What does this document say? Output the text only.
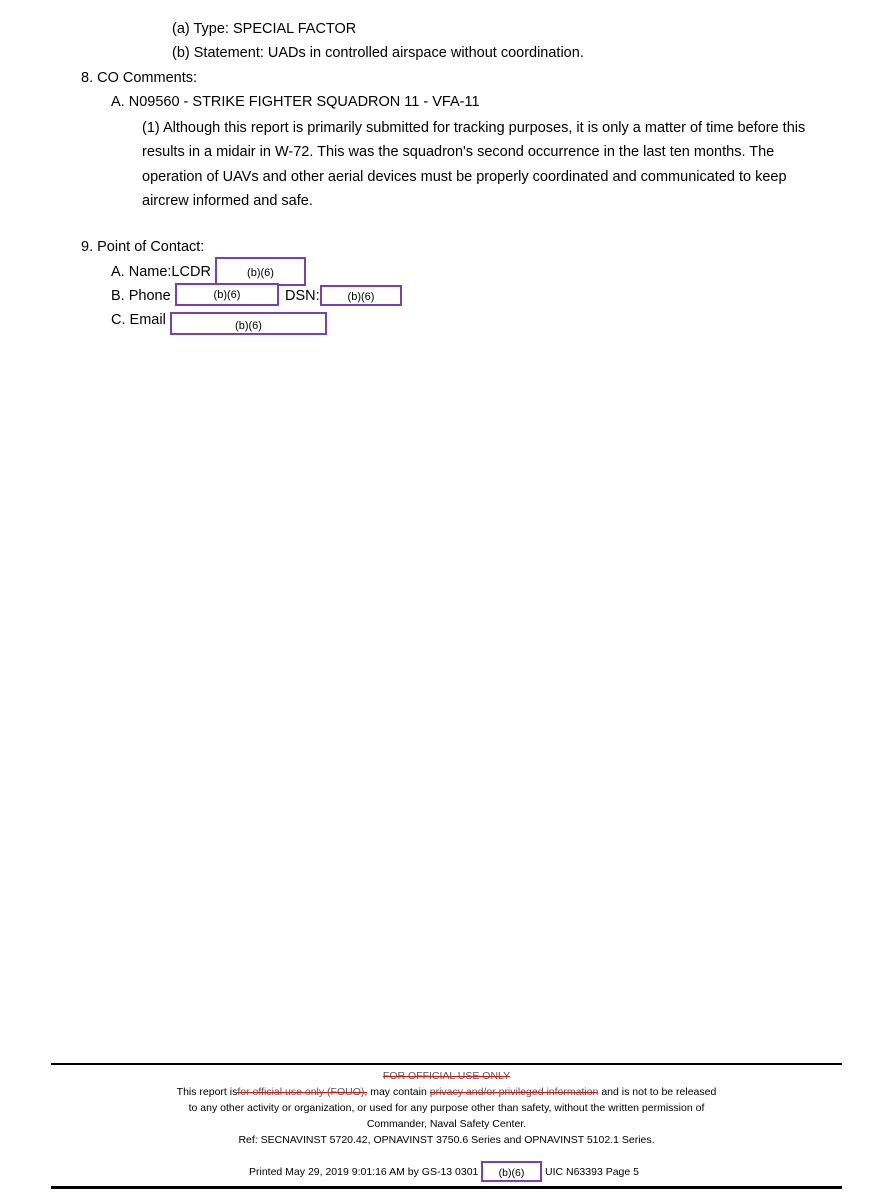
(a) Type: SPECIAL FACTOR
(b) Statement: UADs in controlled airspace without coordination.
8. CO Comments:
A. N09560 - STRIKE FIGHTER SQUADRON 11 - VFA-11
(1) Although this report is primarily submitted for tracking purposes, it is only a matter of time before this
results in a midair in W-72. This was the squadron's second occurrence in the last ten months. The
operation of UAVs and other aerial devices must be properly coordinated and communicated to keep
aircrew informed and safe.
9. Point of Contact:
A. Name:LCDR	(b)(6)
B. Phone	(b)(6)	DSN:	(b)(6)
C. Email	(b)(6)
FOR OFFICIAL USE ONLY
This report isfor official use only (FOUO), may contain privacy and/or privileged information and is not to be released
to any other activity or organization, or used for any purpose other than safety, without the written permission of
Commander, Naval Safety Center.
Ref: SECNAVINST 5720.42, OPNAVINST 3750.6 Series and OPNAVINST 5102.1 Series.
Printed May 29, 2019 9:01:16 AM by GS-13 0301	(b)(6)	UIC N63393 Page 5
